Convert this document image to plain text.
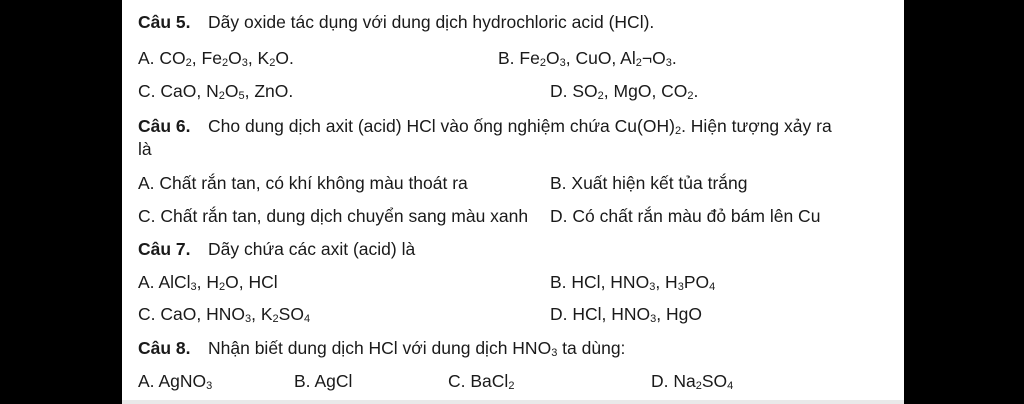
Câu 5. Dãy oxide tác dụng với dung dịch hydrochloric acid (HCl).
A. $CO_2$, $Fe_2O_3$, $K_2O$.	B. $Fe_2O_3$, CuO, $Al_2\neg O_3$.
C. CaO, $N_2O_5$, ZnO.	D. $SO_2$, MgO, $CO_2$.
Câu 6. Cho dung dịch axit (acid) HCl vào ống nghiệm chứa $Cu(OH)_2$. Hiện tượng xảy ra
là
A. Chất rắn tan, có khí không màu thoát ra	B. Xuất hiện kết tủa trắng
C. Chất rắn tan, dung dịch chuyển sang màu xanh D. Có chất rắn màu đỏ bám lên Cu
Câu 7. Dãy chứa các axit (acid) là
A. AlCl$_3$, $H_2O$, HCl	B. HCl, $HNO_3$, $H_3PO_4$
C. CaO, $HNO_3$, $K_2SO_4$	D. HCl, $HNO_3$, HgO
Câu 8. Nhận biết dung dịch HCl với dung dịch $HNO_3$ ta dùng:
A. AgNO$_3$	B. AgCl	C. BaCl$_2$	D. $Na_2SO_4$
